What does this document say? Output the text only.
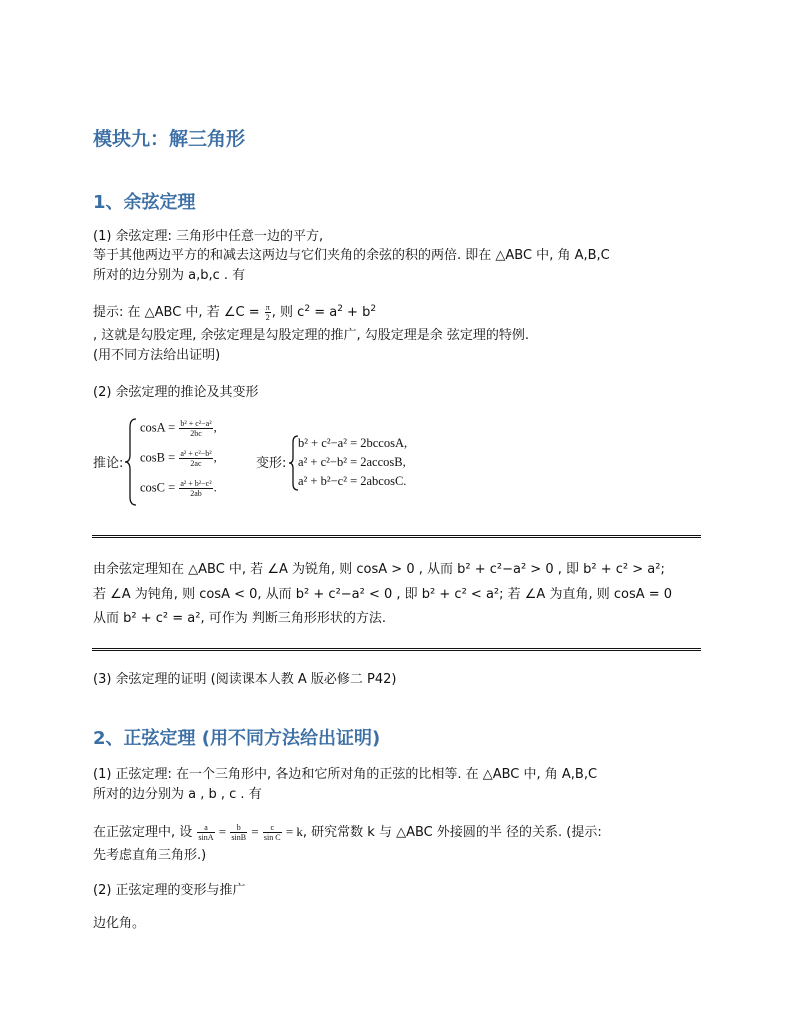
模块九：解三角形
1、余弦定理
(1) 余弦定理: 三角形中任意一边的平方,
等于其他两边平方的和减去这两边与它们夹角的余弦的积的两倍. 即在 △ABC 中, 角 A,B,C
所对的边分别为 a,b,c . 有
提示: 在 △ABC 中, 若 ∠C = $\frac{\pi}{2}$ , 则 $c^2 = a^2 + b^2$
, 这就是勾股定理, 余弦定理是勾股定理的推广, 勾股定理是余 弦定理的特例.
(用不同方法给出证明)
(2) 余弦定理的推论及其变形
推论:
$\cos A = \frac{\text{b² + c²−a²}}{2bc}$ ,
$\cos B = \frac{\text{a² + c²−b²}}{2ac}$ ,
$\cos C = \frac{\text{a² + b²−c²}}{2ab}$ .
变形:
b² + c²−a² = 2bccosA,
a² + c²−b² = 2accosB,
a² + b²−c² = 2abcosC.
由余弦定理知在 △ABC 中, 若 ∠A 为锐角, 则 cosA > 0 , 从而 b² + c²−a² > 0 , 即 b² + c² > a²;
若 ∠A 为钝角, 则 cosA < 0, 从而 b² + c²−a² < 0 , 即 b² + c² < a²; 若 ∠A 为直角, 则 cosA = 0
从而 b² + c² = a², 可作为 判断三角形形状的方法.
(3) 余弦定理的证明 (阅读课本人教 A 版必修二 P42)
2、正弦定理 (用不同方法给出证明)
(1) 正弦定理: 在一个三角形中, 各边和它所对角的正弦的比相等. 在 △ABC 中, 角 A,B,C
所对的边分别为 a , b , c . 有
在正弦定理中, 设 $\frac{a}{\sin A} = \frac{b}{\sin B} = \frac{c}{\text{sin C}} = k$, 研究常数 k 与 △ABC 外接圆的半 径的关系. (提示:
先考虑直角三角形.)
(2) 正弦定理的变形与推广
边化角。
